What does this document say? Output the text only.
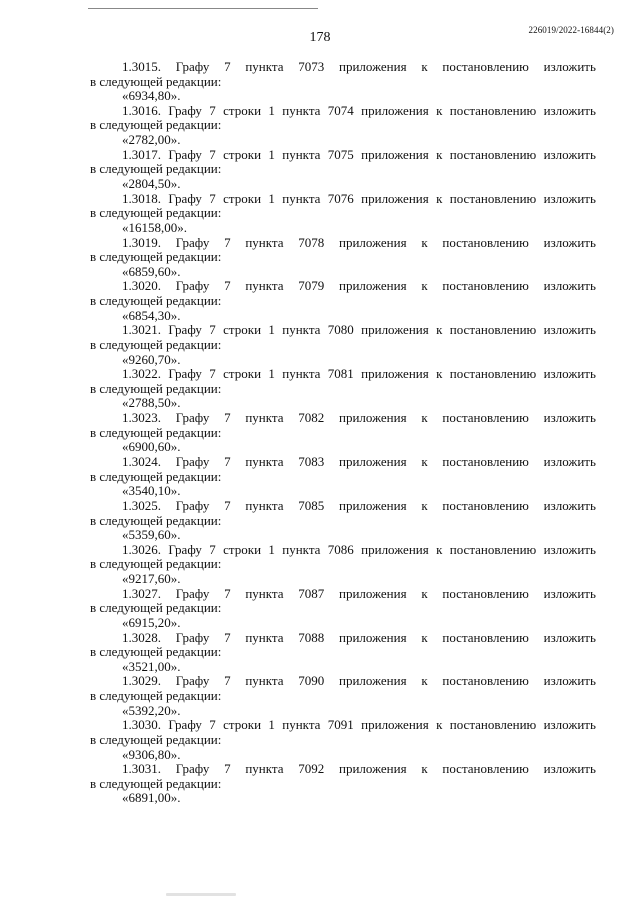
178	226019/2022-16844(2)
1.3015. Графу 7 пункта 7073 приложения к постановлению изложить
в следующей редакции:
«6934,80».
1.3016. Графу 7 строки 1 пункта 7074 приложения к постановлению изложить
в следующей редакции:
«2782,00».
1.3017. Графу 7 строки 1 пункта 7075 приложения к постановлению изложить
в следующей редакции:
«2804,50».
1.3018. Графу 7 строки 1 пункта 7076 приложения к постановлению изложить
в следующей редакции:
«16158,00».
1.3019. Графу 7 пункта 7078 приложения к постановлению изложить
в следующей редакции:
«6859,60».
1.3020. Графу 7 пункта 7079 приложения к постановлению изложить
в следующей редакции:
«6854,30».
1.3021. Графу 7 строки 1 пункта 7080 приложения к постановлению изложить
в следующей редакции:
«9260,70».
1.3022. Графу 7 строки 1 пункта 7081 приложения к постановлению изложить
в следующей редакции:
«2788,50».
1.3023. Графу 7 пункта 7082 приложения к постановлению изложить
в следующей редакции:
«6900,60».
1.3024. Графу 7 пункта 7083 приложения к постановлению изложить
в следующей редакции:
«3540,10».
1.3025. Графу 7 пункта 7085 приложения к постановлению изложить
в следующей редакции:
«5359,60».
1.3026. Графу 7 строки 1 пункта 7086 приложения к постановлению изложить
в следующей редакции:
«9217,60».
1.3027. Графу 7 пункта 7087 приложения к постановлению изложить
в следующей редакции:
«6915,20».
1.3028. Графу 7 пункта 7088 приложения к постановлению изложить
в следующей редакции:
«3521,00».
1.3029. Графу 7 пункта 7090 приложения к постановлению изложить
в следующей редакции:
«5392,20».
1.3030. Графу 7 строки 1 пункта 7091 приложения к постановлению изложить
в следующей редакции:
«9306,80».
1.3031. Графу 7 пункта 7092 приложения к постановлению изложить
в следующей редакции:
«6891,00».
